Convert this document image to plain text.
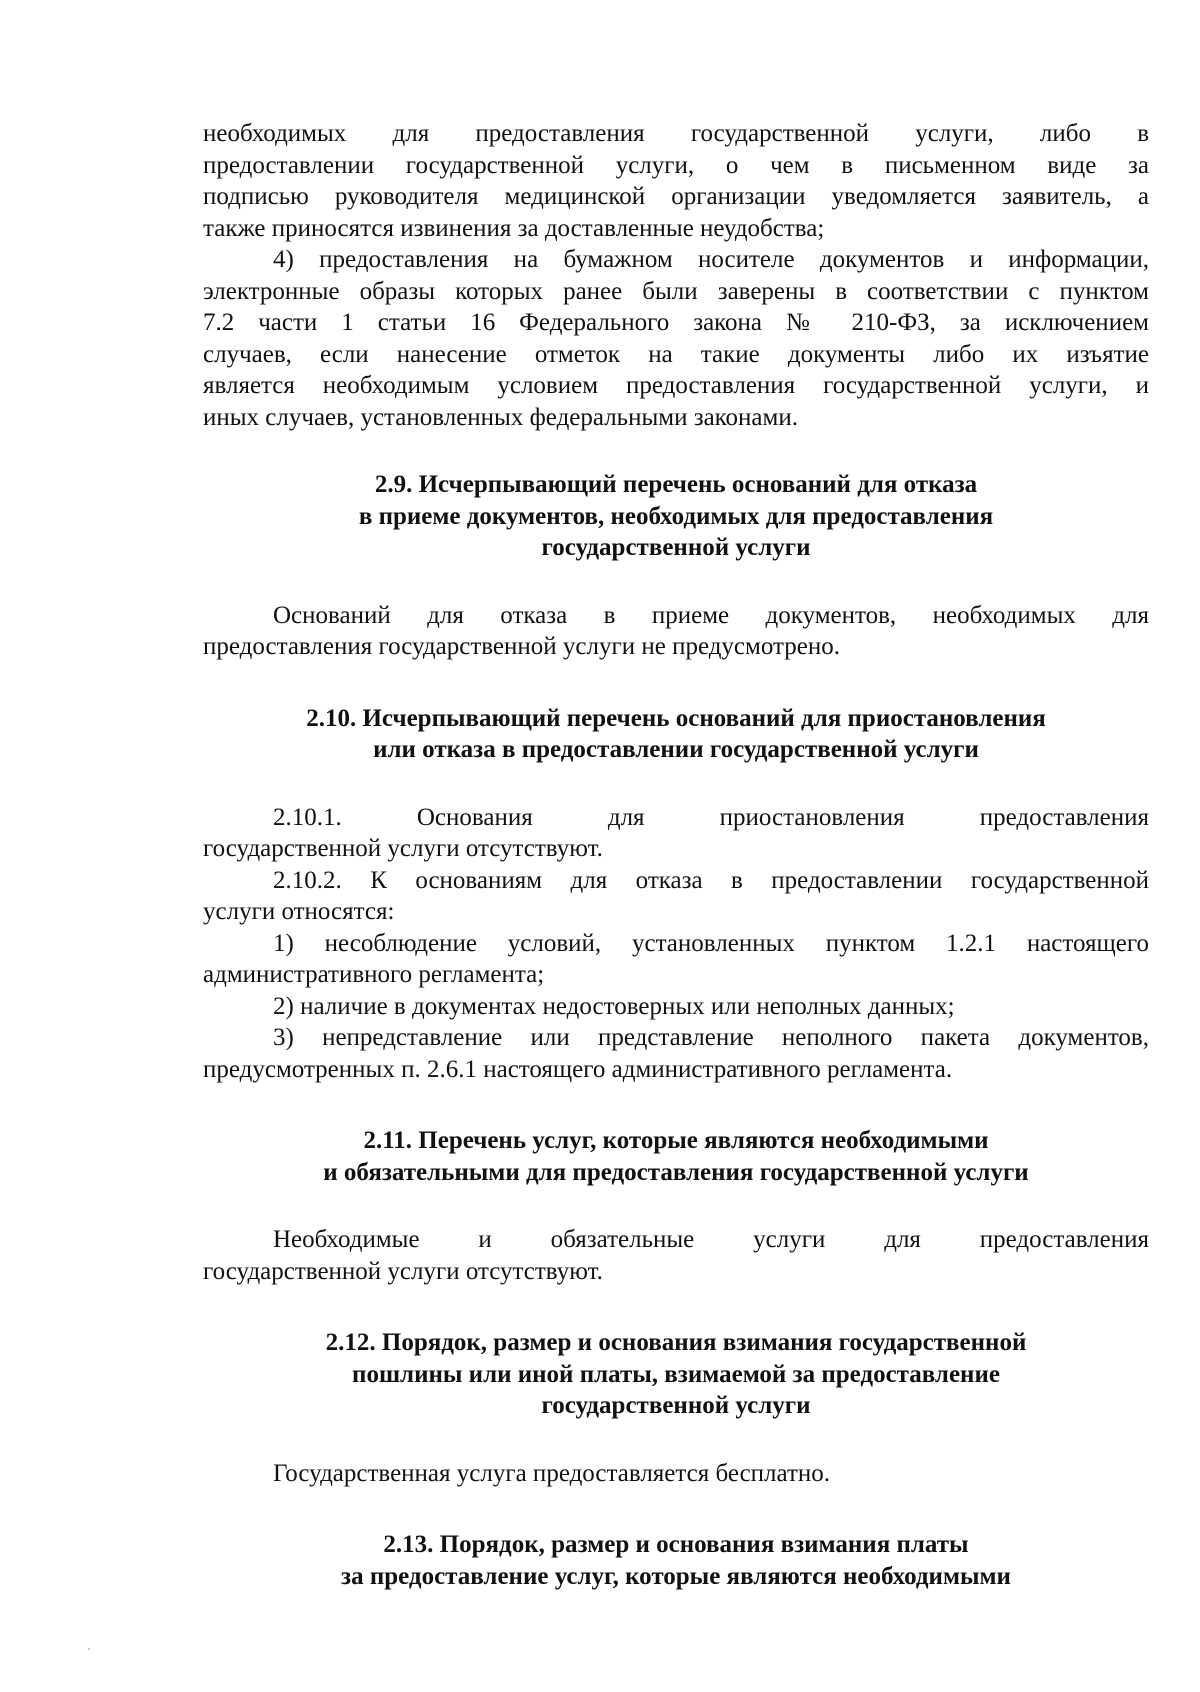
необходимых для предоставления государственной услуги, либо в
предоставлении государственной услуги, о чем в письменном виде за
подписью руководителя медицинской организации уведомляется заявитель, а
также приносятся извинения за доставленные неудобства;
4) предоставления на бумажном носителе документов и информации,
электронные образы которых ранее были заверены в соответствии с пунктом
7.2 части 1 статьи 16 Федерального закона № 210-ФЗ, за исключением
случаев, если нанесение отметок на такие документы либо их изъятие
является необходимым условием предоставления государственной услуги, и
иных случаев, установленных федеральными законами.
2.9. Исчерпывающий перечень оснований для отказа
в приеме документов, необходимых для предоставления
государственной услуги
Оснований для отказа в приеме документов, необходимых для
предоставления государственной услуги не предусмотрено.
2.10. Исчерпывающий перечень оснований для приостановления
или отказа в предоставлении государственной услуги
2.10.1. Основания для приостановления предоставления
государственной услуги отсутствуют.
2.10.2. К основаниям для отказа в предоставлении государственной
услуги относятся:
1) несоблюдение условий, установленных пунктом 1.2.1 настоящего
административного регламента;
2) наличие в документах недостоверных или неполных данных;
3) непредставление или представление неполного пакета документов,
предусмотренных п. 2.6.1 настоящего административного регламента.
2.11. Перечень услуг, которые являются необходимыми
и обязательными для предоставления государственной услуги
Необходимые и обязательные услуги для предоставления
государственной услуги отсутствуют.
2.12. Порядок, размер и основания взимания государственной
пошлины или иной платы, взимаемой за предоставление
государственной услуги
Государственная услуга предоставляется бесплатно.
2.13. Порядок, размер и основания взимания платы
за предоставление услуг, которые являются необходимыми
